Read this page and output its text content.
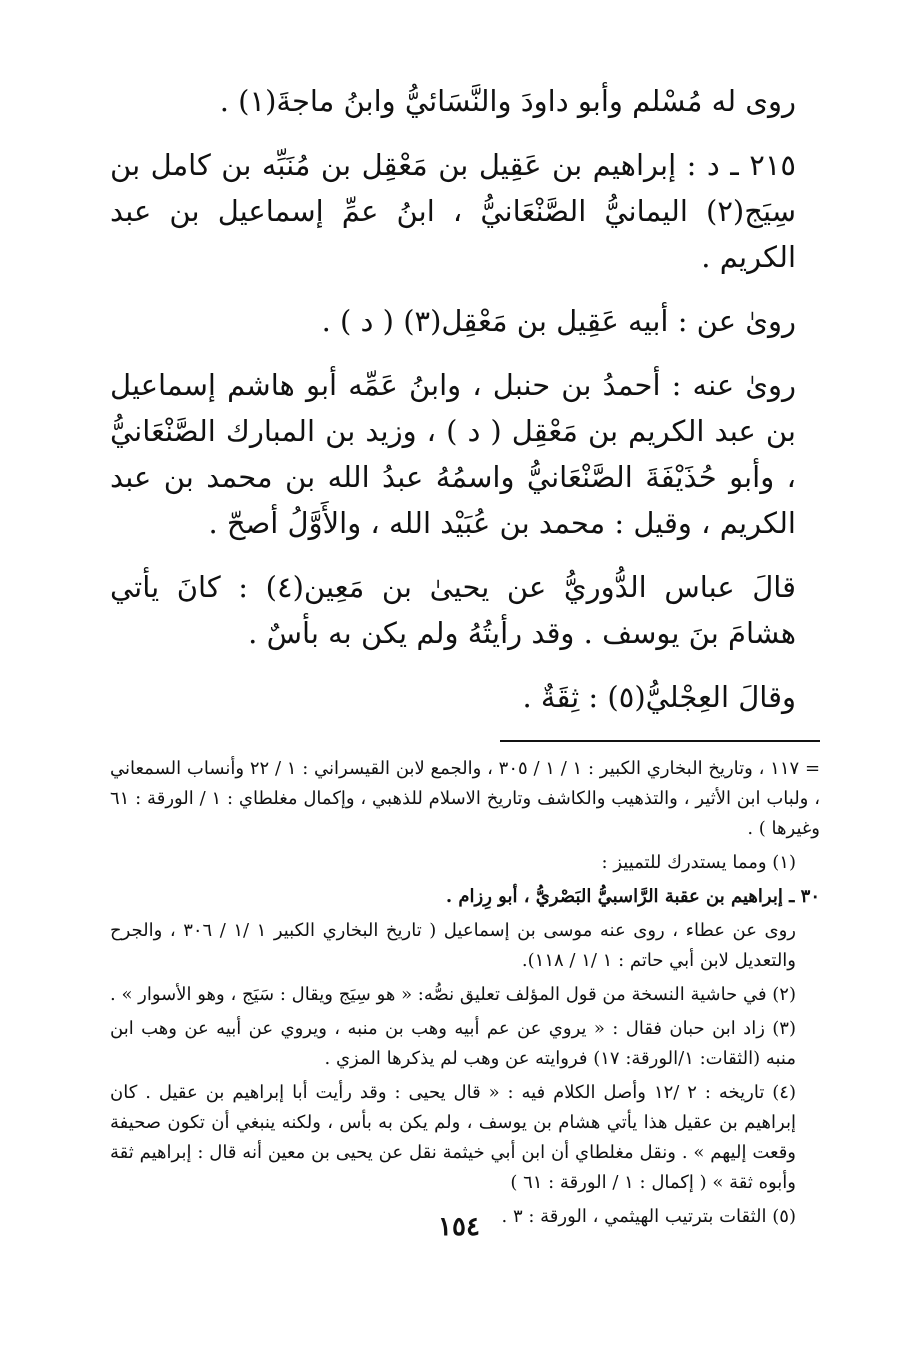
روى له مُسْلم وأبو داودَ والنَّسَائيُّ وابنُ ماجةَ(١) .

٢١٥ ـ د : إبراهيم بن عَقِيل بن مَعْقِل بن مُنَبِّه بن كامل بن سِيَج(٢) اليمانيُّ الصَّنْعَانيُّ ، ابنُ عمِّ إسماعيل بن عبد الكريم .

روىٰ عن : أبيه عَقِيل بن مَعْقِل(٣) ( د ) .

روىٰ عنه : أحمدُ بن حنبل ، وابنُ عَمِّه أبو هاشم إسماعيل بن عبد الكريم بن مَعْقِل ( د ) ، وزيد بن المبارك الصَّنْعَانيُّ ، وأبو حُذَيْفَةَ الصَّنْعَانيُّ واسمُهُ عبدُ الله بن محمد بن عبد الكريم ، وقيل : محمد بن عُبَيْد الله ، والأَوَّلُ أصحّ .

قالَ عباس الدُّوريُّ عن يحيىٰ بن مَعِين(٤) : كانَ يأتي هشامَ بنَ يوسف . وقد رأيتُهُ ولم يكن به بأسٌ .

وقالَ العِجْليُّ(٥) : ثِقَةٌ .

= ١١٧ ، وتاريخ البخاري الكبير : ١ / ١ / ٣٠٥ ، والجمع لابن القيسراني : ١ / ٢٢ وأنساب السمعاني ، ولباب ابن الأثير ، والتذهيب والكاشف وتاريخ الاسلام للذهبي ، وإكمال مغلطاي : ١ / الورقة : ٦١ وغيرها ) .

(١) ومما يستدرك للتمييز :

٣٠ ـ إبراهيم بن عقبة الرَّاسبيُّ البَصْريُّ ، أبو رِزام .

روى عن عطاء ، روى عنه موسى بن إسماعيل ( تاريخ البخاري الكبير ١ /١ / ٣٠٦ ، والجرح والتعديل لابن أبي حاتم : ١ /١ / ١١٨).

(٢) في حاشية النسخة من قول المؤلف تعليق نصُّه: « هو سِيَج ويقال : سَيَج ، وهو الأسوار » .

(٣) زاد ابن حبان فقال : « يروي عن عم أبيه وهب بن منبه ، ويروي عن أبيه عن وهب ابن منبه (الثقات: ١/الورقة: ١٧) فروايته عن وهب لم يذكرها المزي .

(٤) تاريخه : ٢ /١٢ وأصل الكلام فيه : « قال يحيى : وقد رأيت أبا إبراهيم بن عقيل . كان إبراهيم بن عقيل هذا يأتي هشام بن يوسف ، ولم يكن به بأس ، ولكنه ينبغي أن تكون صحيفة وقعت إليهم » . ونقل مغلطاي أن ابن أبي خيثمة نقل عن يحيى بن معين أنه قال : إبراهيم ثقة وأبوه ثقة » ( إكمال : ١ / الورقة : ٦١ )

(٥) الثقات بترتيب الهيثمي ، الورقة : ٣ .

١٥٤
